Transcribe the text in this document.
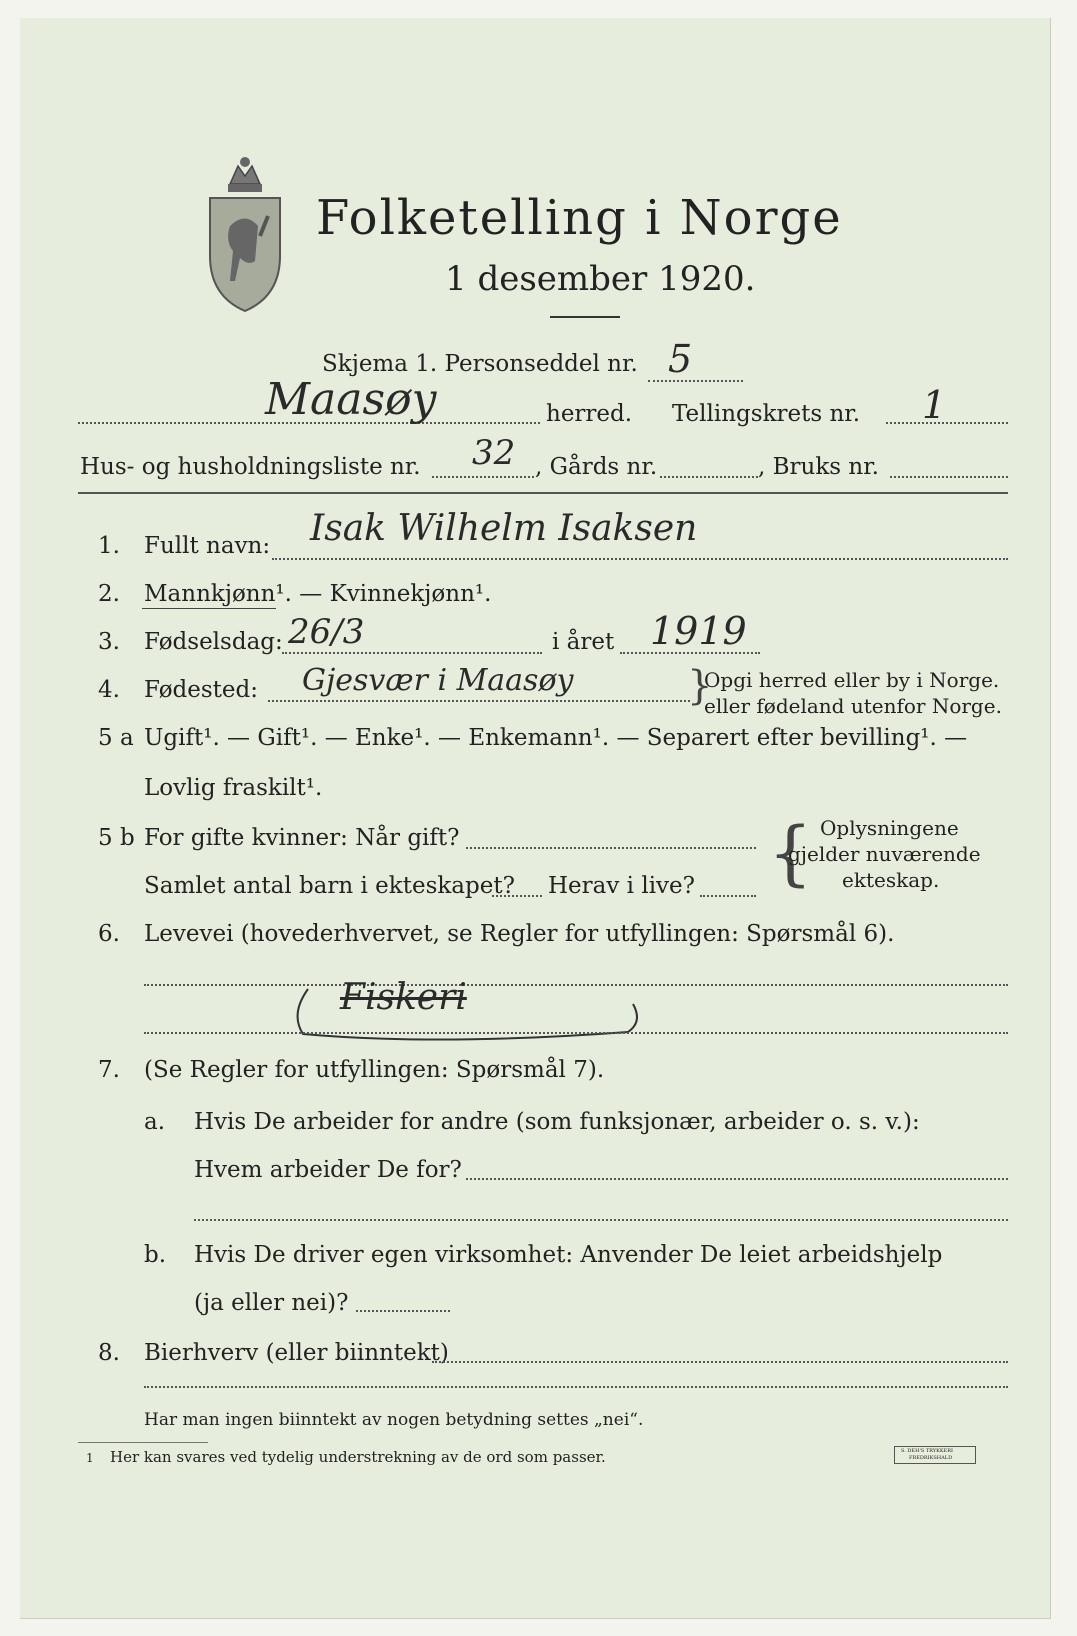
Folketelling i Norge
1 desember 1920.
Skjema 1. Personseddel nr. 5
Maasøy	herred. Tellingskrets nr. 1
Hus- og husholdningsliste nr. 32 , Gårds nr.	, Bruks nr.
1. Fullt navn: Isak Wilhelm Isaksen
2. Mannkjønn¹. — Kvinnekjønn¹.
3. Fødselsdag: 26/3	i året 1919
4. Fødested: Gjesvær i Maasøy	}
Opgi herred eller by i Norge.
eller fødeland utenfor Norge.
5 a Ugift¹. — Gift¹. — Enke¹. — Enkemann¹. — Separert efter bevilling¹. —
Lovlig fraskilt¹.
5 b For gifte kvinner: Når gift?
Samlet antal barn i ekteskapet? Herav i live? { Oplysningene
gjelder nuværende
ekteskap.
6. Levevei (hovederhvervet, se Regler for utfyllingen: Spørsmål 6).
Fiskeri
7. (Se Regler for utfyllingen: Spørsmål 7).
a. Hvis De arbeider for andre (som funksjonær, arbeider o. s. v.):
Hvem arbeider De for?
b. Hvis De driver egen virksomhet: Anvender De leiet arbeidshjelp
(ja eller nei)?
8. Bierhverv (eller biinntekt)
Har man ingen biinntekt av nogen betydning settes „nei“.
1 Her kan svares ved tydelig understrekning av de ord som passer.	S. DEH'S TRYKKERI
FREDRIKSHALD
